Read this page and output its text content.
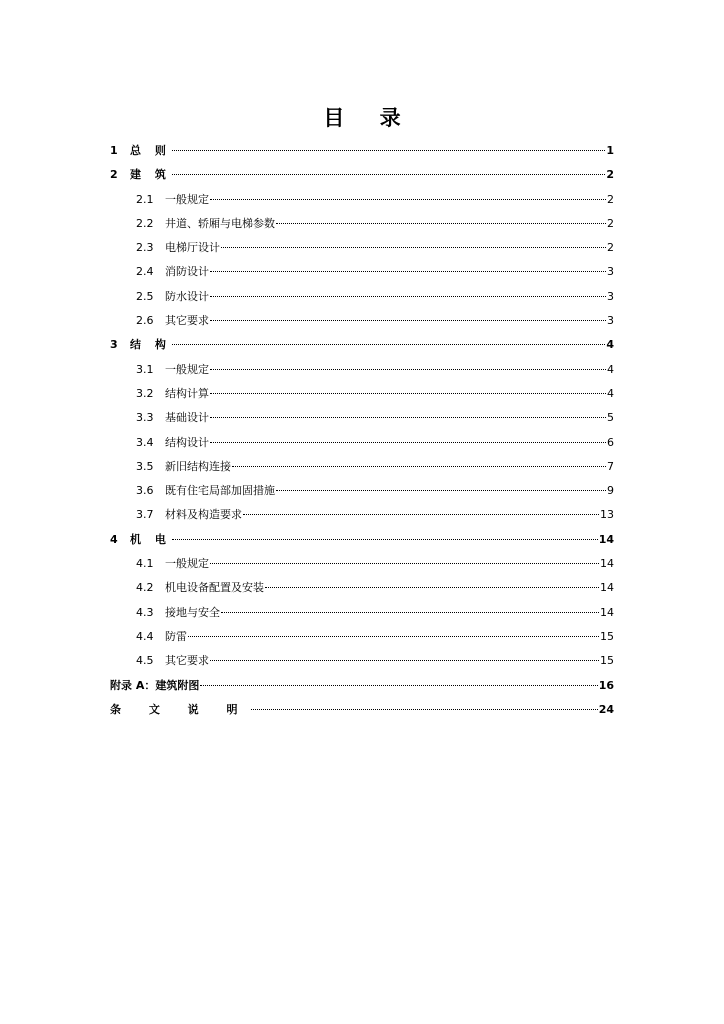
目 录
1	总 则	1
2	建 筑	2
2.1	一般规定	2
2.2	井道、轿厢与电梯参数	2
2.3	电梯厅设计	2
2.4	消防设计	3
2.5	防水设计	3
2.6	其它要求	3
3	结 构	4
3.1	一般规定	4
3.2	结构计算	4
3.3	基础设计	5
3.4	结构设计	6
3.5	新旧结构连接	7
3.6	既有住宅局部加固措施	9
3.7	材料及构造要求	13
4	机 电	14
4.1	一般规定	14
4.2	机电设备配置及安装	14
4.3	接地与安全	14
4.4	防雷	15
4.5	其它要求	15
附录 A：建筑附图	16
条 文 说 明	24
